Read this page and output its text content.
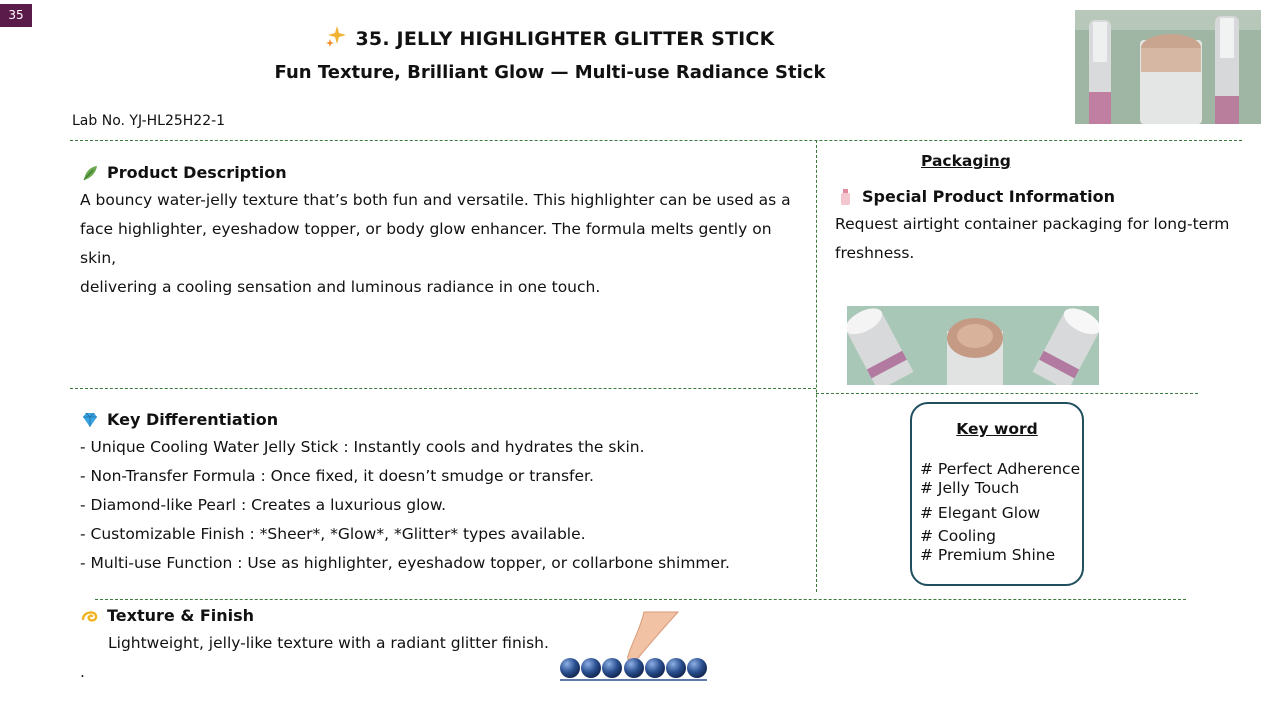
35
35. JELLY HIGHLIGHTER GLITTER STICK
Fun Texture, Brilliant Glow — Multi-use Radiance Stick
Lab No. YJ-HL25H22-1
Product Description
A bouncy water-jelly texture that’s both fun and versatile. This highlighter can be used as a
face highlighter, eyeshadow topper, or body glow enhancer. The formula melts gently on skin,
delivering a cooling sensation and luminous radiance in one touch.
Packaging
Special Product Information
Request airtight container packaging for long-term
freshness.
Key Differentiation
- Unique Cooling Water Jelly Stick : Instantly cools and hydrates the skin.
- Non-Transfer Formula : Once fixed, it doesn’t smudge or transfer.
- Diamond-like Pearl : Creates a luxurious glow.
- Customizable Finish : *Sheer*, *Glow*, *Glitter* types available.
- Multi-use Function : Use as highlighter, eyeshadow topper, or collarbone shimmer.
Key word
# Perfect Adherence
# Jelly Touch
# Elegant Glow
# Cooling
# Premium Shine
Texture & Finish
Lightweight, jelly-like texture with a radiant glitter finish.
.
